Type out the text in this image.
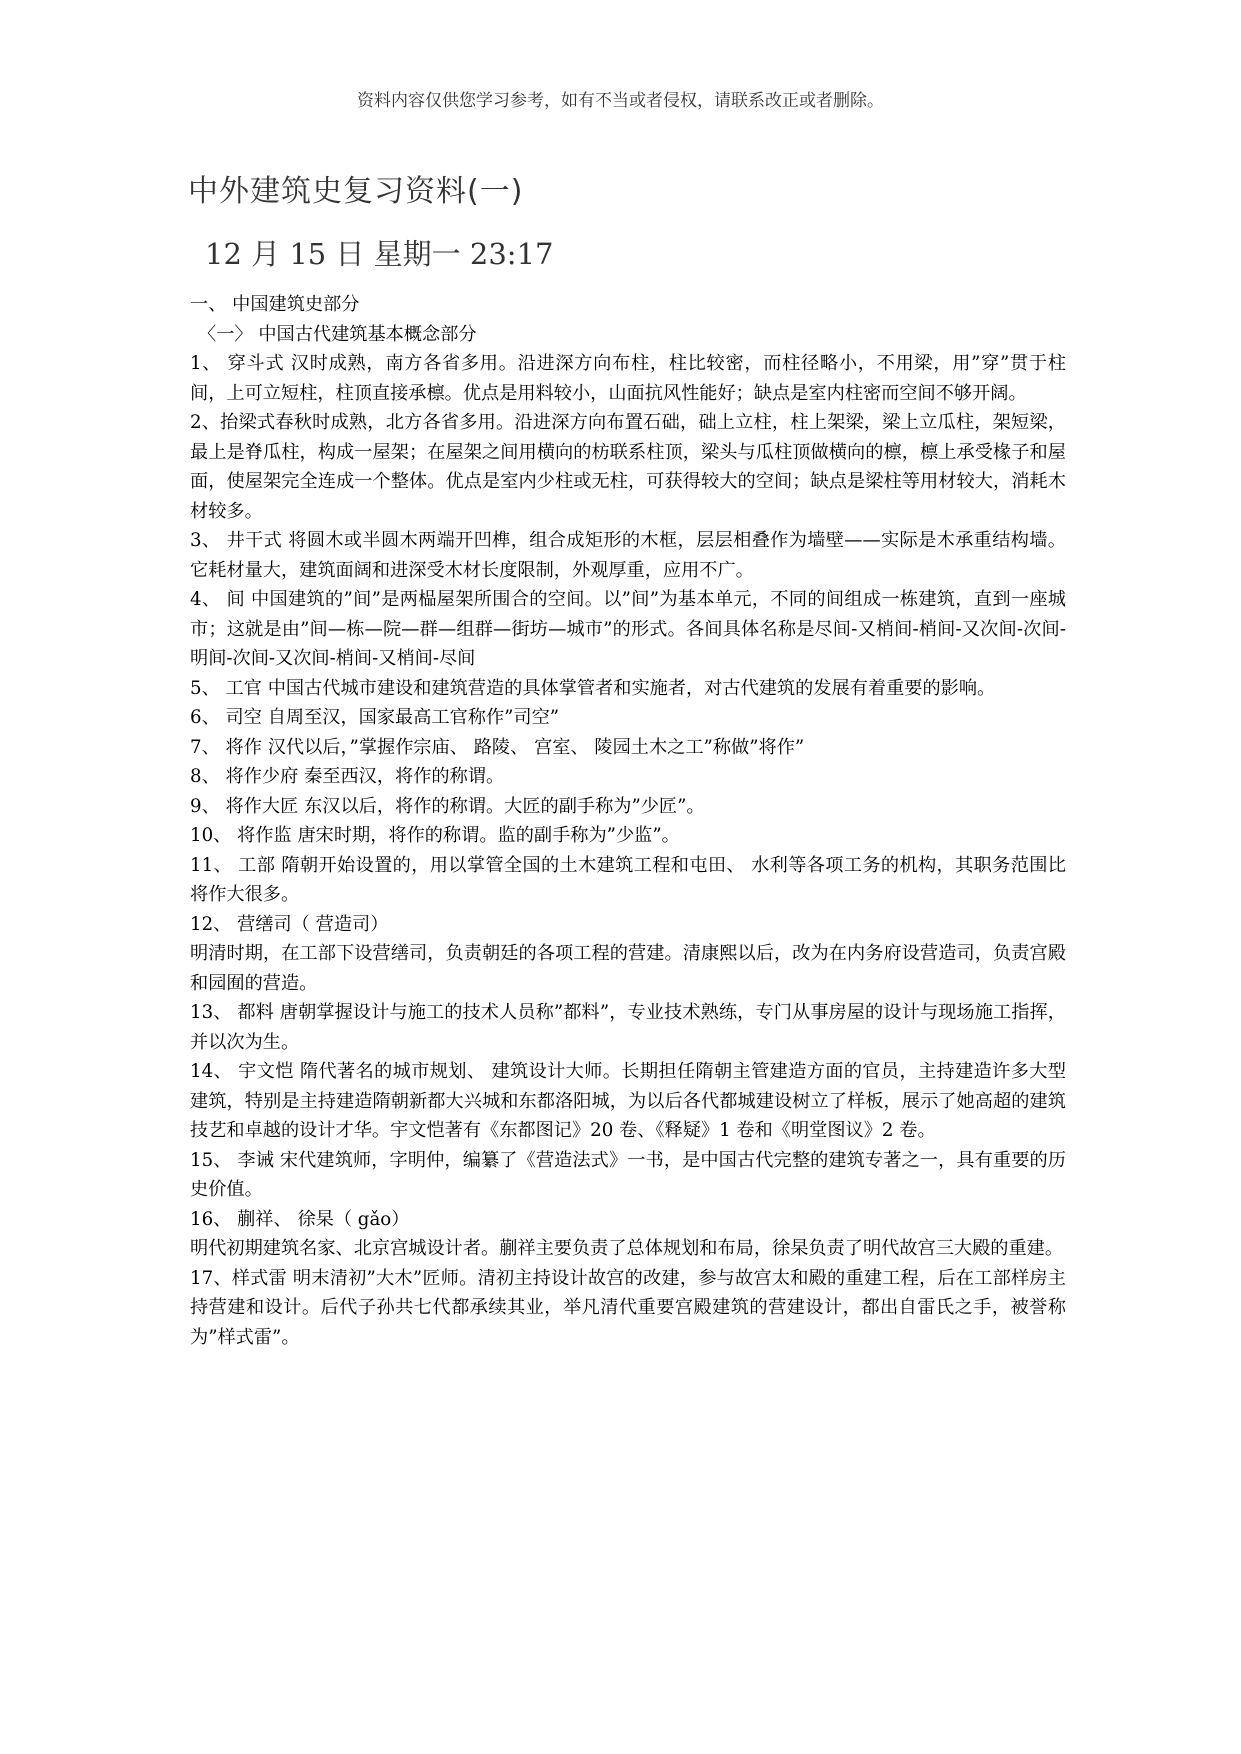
资料内容仅供您学习参考，如有不当或者侵权，请联系改正或者删除。
中外建筑史复习资料(一)
12 月 15 日 星期一 23:17

一、 中国建筑史部分

〈一〉 中国古代建筑基本概念部分

1、 穿斗式 汉时成熟，南方各省多用。沿进深方向布柱，柱比较密，而柱径略小，不用梁，用”穿”贯于柱间，上可立短柱，柱顶直接承檩。优点是用料较小，山面抗风性能好；缺点是室内柱密而空间不够开阔。

2、抬梁式春秋时成熟，北方各省多用。沿进深方向布置石础，础上立柱，柱上架梁，梁上立瓜柱，架短梁，最上是脊瓜柱，构成一屋架；在屋架之间用横向的枋联系柱顶，梁头与瓜柱顶做横向的檩，檩上承受椽子和屋面，使屋架完全连成一个整体。优点是室内少柱或无柱，可获得较大的空间；缺点是梁柱等用材较大，消耗木材较多。

3、 井干式 将圆木或半圆木两端开凹榫，组合成矩形的木框，层层相叠作为墙壁——实际是木承重结构墙。它耗材量大，建筑面阔和进深受木材长度限制，外观厚重，应用不广。

4、 间 中国建筑的”间”是两榀屋架所围合的空间。以”间”为基本单元，不同的间组成一栋建筑，直到一座城市；这就是由”间—栋—院—群—组群—街坊—城市”的形式。各间具体名称是尽间-又梢间-梢间-又次间-次间-明间-次间-又次间-梢间-又梢间-尽间

5、 工官 中国古代城市建设和建筑营造的具体掌管者和实施者，对古代建筑的发展有着重要的影响。

6、 司空 自周至汉，国家最高工官称作”司空”

7、 将作 汉代以后，”掌握作宗庙、 路陵、 宫室、 陵园土木之工”称做”将作”

8、 将作少府 秦至西汉，将作的称谓。

9、 将作大匠 东汉以后，将作的称谓。大匠的副手称为”少匠”。

10、 将作监 唐宋时期，将作的称谓。监的副手称为”少监”。

11、 工部 隋朝开始设置的，用以掌管全国的土木建筑工程和屯田、 水利等各项工务的机构，其职务范围比将作大很多。

12、 营缮司（ 营造司）

明清时期，在工部下设营缮司，负责朝廷的各项工程的营建。清康熙以后，改为在内务府设营造司，负责宫殿和园囿的营造。

13、 都料 唐朝掌握设计与施工的技术人员称”都料”，专业技术熟练，专门从事房屋的设计与现场施工指挥，并以次为生。

14、 宇文恺 隋代著名的城市规划、 建筑设计大师。长期担任隋朝主管建造方面的官员，主持建造许多大型建筑，特别是主持建造隋朝新都大兴城和东都洛阳城，为以后各代都城建设树立了样板，展示了她高超的建筑技艺和卓越的设计才华。宇文恺著有《东都图记》20 卷、《释疑》1 卷和《明堂图议》2 卷。

15、 李诫 宋代建筑师，字明仲，编纂了《营造法式》一书，是中国古代完整的建筑专著之一，具有重要的历史价值。

16、 蒯祥、 徐杲（ gǎo）

明代初期建筑名家、北京宫城设计者。蒯祥主要负责了总体规划和布局，徐杲负责了明代故宫三大殿的重建。

17、样式雷 明末清初”大木”匠师。清初主持设计故宫的改建，参与故宫太和殿的重建工程，后在工部样房主持营建和设计。后代子孙共七代都承续其业，举凡清代重要宫殿建筑的营建设计，都出自雷氏之手，被誉称为”样式雷”。
